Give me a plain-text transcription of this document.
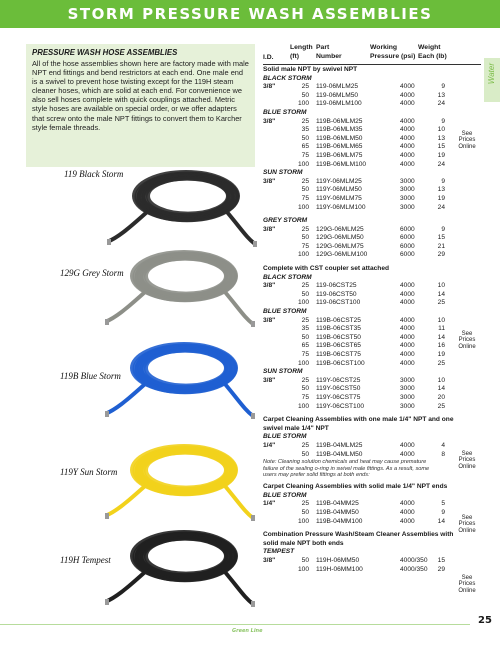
STORM PRESSURE WASH ASSEMBLIES
Water
PRESSURE WASH HOSE ASSEMBLIES

All of the hose assemblies shown here are factory made with male NPT end fittings and bend restrictors at each end. One male end is a swivel to prevent hose twisting except for the 119H steam cleaner hoses, which are solid at each end. For convenience we also sell hoses complete with quick couplings attached. Metric style hoses are available on special order, or we offer adapters that screw onto the male NPT fittings to convert them to Karcher style female threads.

119 Black Storm
129G Grey Storm
119B Blue Storm
119Y Sun Storm
119H Tempest
I.D.
Length (ft)
Part Number
Working Pressure (psi)
Weight Each (lb)
Solid male NPT by swivel NPT
BLACK STORM
3/8"	25 119-06MLM25	4000	9
50 119-06MLM50	4000	13
100 119-06MLM100	4000	24
BLUE STORM
3/8"	25 119B-06MLM25	4000	9
35 119B-06MLM35	4000	10
50 119B-06MLM50	4000	13
65 119B-06MLM65	4000	15
75 119B-06MLM75	4000	19
100 119B-06MLM100	4000	24
SUN STORM
3/8"	25 119Y-06MLM25	3000	9
50 119Y-06MLM50	3000	13
75 119Y-06MLM75	3000	19
100 119Y-06MLM100	3000	24
GREY STORM
3/8"	25 129G-06MLM25	6000	9
50 129G-06MLM50	6000	15
75 129G-06MLM75	6000	21
100 129G-06MLM100	6000	29
Complete with CST coupler set attached
BLACK STORM
3/8"	25 119-06CST25	4000	10
50 119-06CST50	4000	14
100 119-06CST100	4000	25
BLUE STORM
3/8"	25 119B-06CST25	4000	10
35 119B-06CST35	4000	11
50 119B-06CST50	4000	14
65 119B-06CST65	4000	16
75 119B-06CST75	4000	19
100 119B-06CST100	4000	25
SUN STORM
3/8"	25 119Y-06CST25	3000	10
50 119Y-06CST50	3000	14
75 119Y-06CST75	3000	20
100 119Y-06CST100	3000	25
Carpet Cleaning Assemblies with one male 1/4" NPT and one
swivel male 1/4" NPT
BLUE STORM
1/4"	25 119B-04MLM25	4000	4
50 119B-04MLM50	4000	8
Note: Cleaning solution chemicals and heat may cause premature
failure of the sealing o-ring in swivel male fittings. As a result, some
users may prefer solid fittings at both ends:
Carpet Cleaning Assemblies with solid male 1/4" NPT ends
BLUE STORM
1/4"	25 119B-04MM25	4000	5
50 119B-04MM50	4000	9
100 119B-04MM100	4000	14
Combination Pressure Wash/Steam Cleaner Assemblies with
solid male NPT both ends
TEMPEST
3/8"	50 119H-06MM50	4000/350	15
100 119H-06MM100	4000/350	29
See
Prices
Online
See
Prices
Online
See
Prices
Online
See
Prices
Online
See
Prices
Online
Green Line
25
